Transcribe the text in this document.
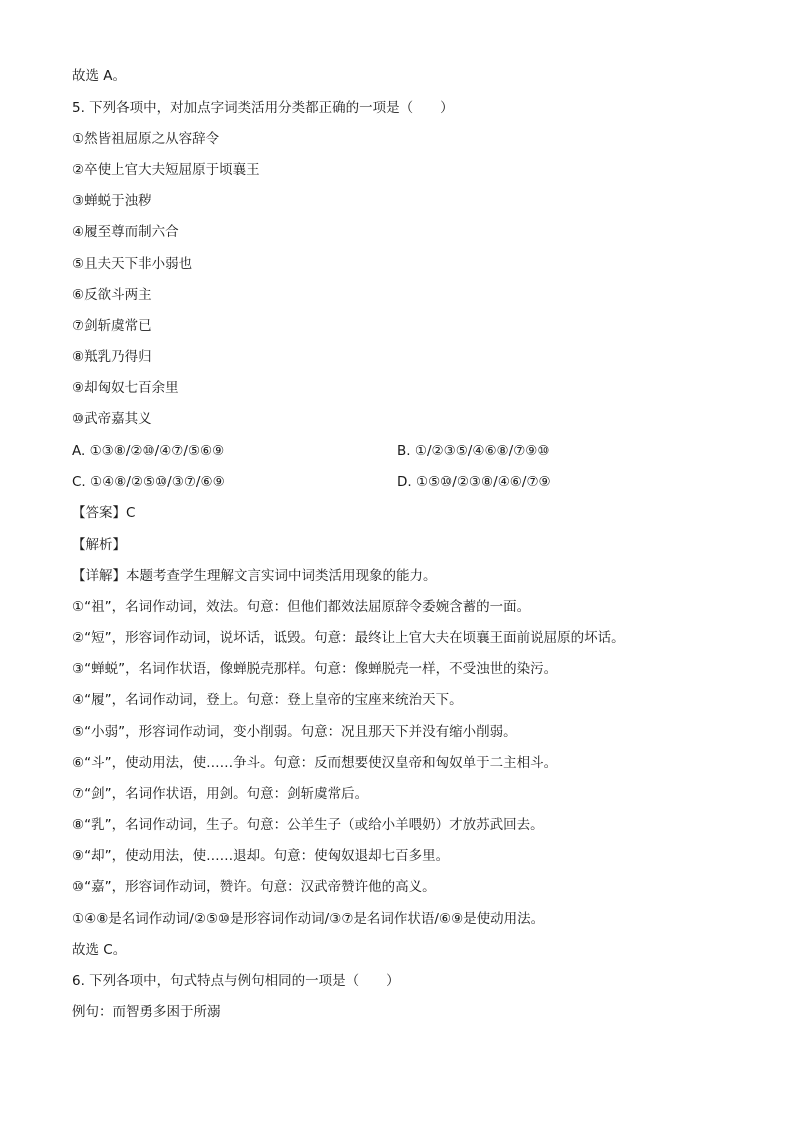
故选 A。
5. 下列各项中，对加点字词类活用分类都正确的一项是（　　）
①然皆祖屈原之从容辞令
②卒使上官大夫短屈原于顷襄王
③蝉蜕于浊秽
④履至尊而制六合
⑤且夫天下非小弱也
⑥反欲斗两主
⑦剑斩虞常已
⑧羝乳乃得归
⑨却匈奴七百余里
⑩武帝嘉其义
A. ①③⑧/②⑩/④⑦/⑤⑥⑨	B. ①/②③⑤/④⑥⑧/⑦⑨⑩
C. ①④⑧/②⑤⑩/③⑦/⑥⑨	D. ①⑤⑩/②③⑧/④⑥/⑦⑨
【答案】C
【解析】
【详解】本题考查学生理解文言实词中词类活用现象的能力。
①“祖”，名词作动词，效法。句意：但他们都效法屈原辞令委婉含蓄的一面。
②“短”，形容词作动词，说坏话，诋毁。句意：最终让上官大夫在顷襄王面前说屈原的坏话。
③“蝉蜕”，名词作状语，像蝉脱壳那样。句意：像蝉脱壳一样，不受浊世的染污。
④“履”，名词作动词，登上。句意：登上皇帝的宝座来统治天下。
⑤“小弱”，形容词作动词，变小削弱。句意：况且那天下并没有缩小削弱。
⑥“斗”，使动用法，使……争斗。句意：反而想要使汉皇帝和匈奴单于二主相斗。
⑦“剑”，名词作状语，用剑。句意：剑斩虞常后。
⑧“乳”，名词作动词，生子。句意：公羊生子（或给小羊喂奶）才放苏武回去。
⑨“却”，使动用法，使……退却。句意：使匈奴退却七百多里。
⑩“嘉”，形容词作动词，赞许。句意：汉武帝赞许他的高义。
①④⑧是名词作动词/②⑤⑩是形容词作动词/③⑦是名词作状语/⑥⑨是使动用法。
故选 C。
6. 下列各项中，句式特点与例句相同的一项是（　　）
例句：而智勇多困于所溺
